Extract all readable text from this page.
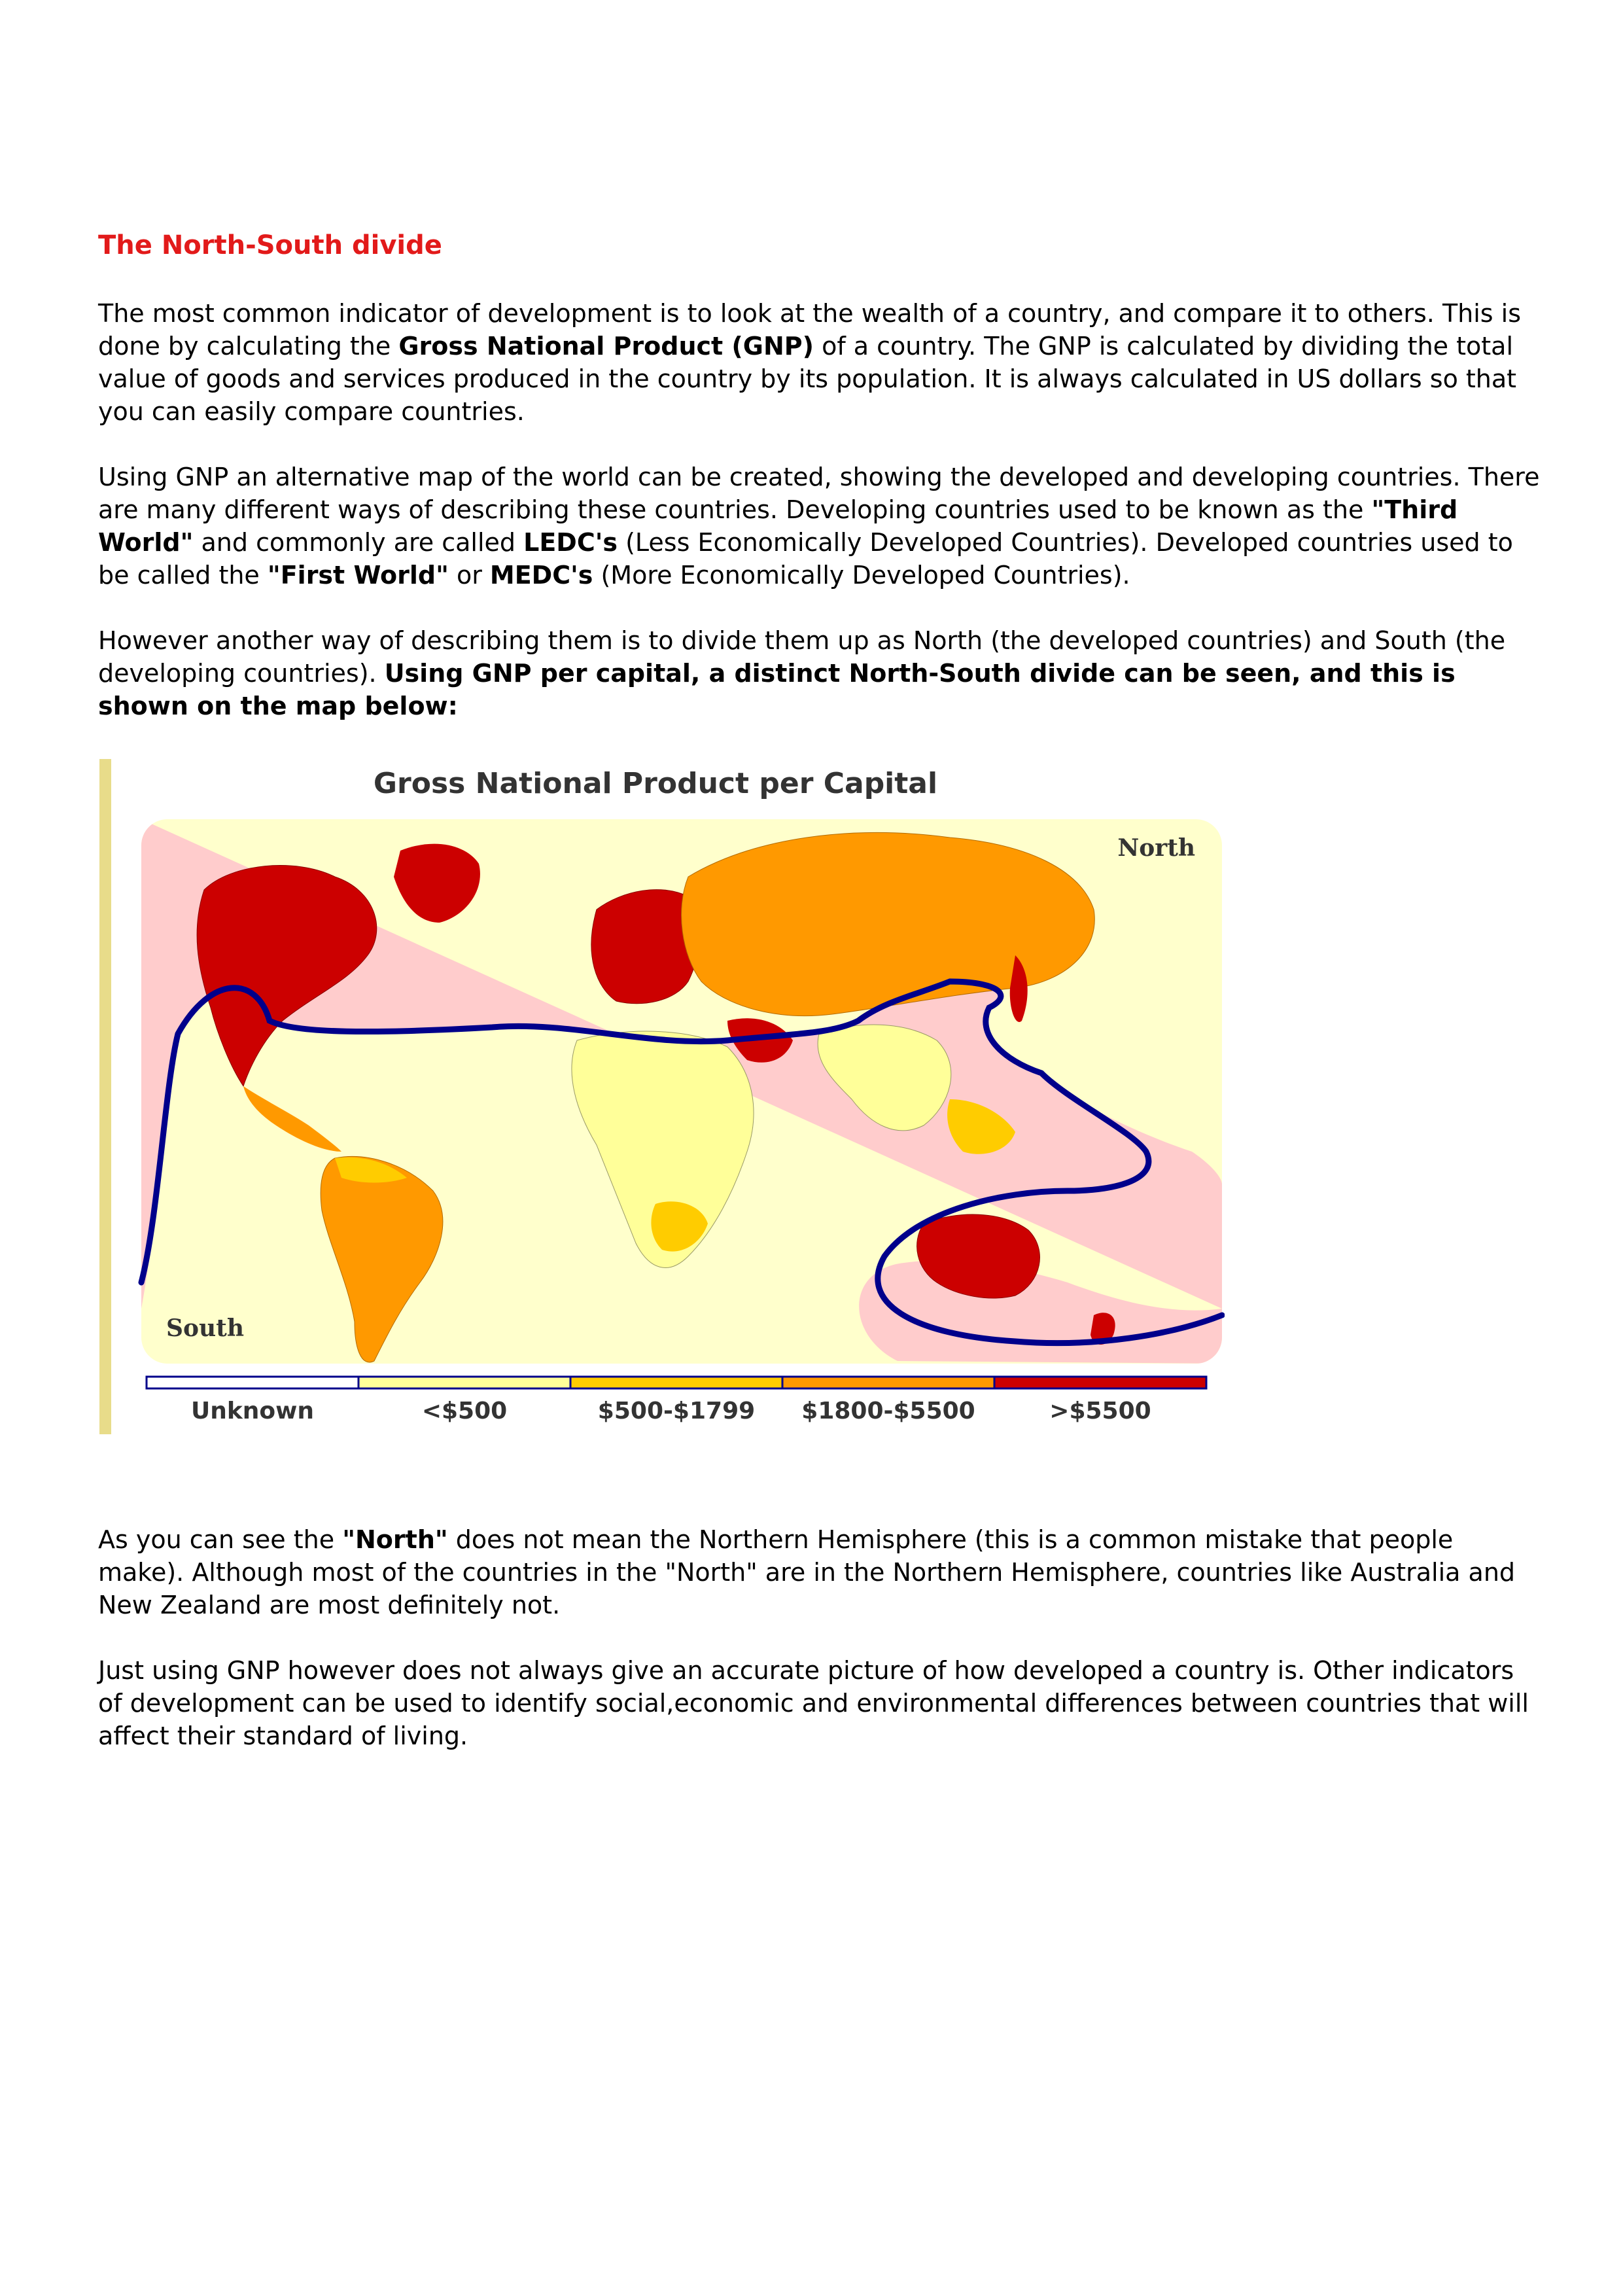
The North-South divide

The most common indicator of development is to look at the wealth of a country, and compare it to others. This is done by calculating the Gross National Product (GNP) of a country. The GNP is calculated by dividing the total value of goods and services produced in the country by its population. It is always calculated in US dollars so that you can easily compare countries.

Using GNP an alternative map of the world can be created, showing the developed and developing countries. There are many different ways of describing these countries. Developing countries used to be known as the "Third World" and commonly are called LEDC's (Less Economically Developed Countries). Developed countries used to be called the "First World" or MEDC's (More Economically Developed Countries).

However another way of describing them is to divide them up as North (the developed countries) and South (the developing countries). Using GNP per capital, a distinct North-South divide can be seen, and this is shown on the map below:

Gross National Product per Capital
North
South
Unknown	<$500	$500-$1799 $1800-$5500	>$5500

As you can see the "North" does not mean the Northern Hemisphere (this is a common mistake that people make). Although most of the countries in the "North" are in the Northern Hemisphere, countries like Australia and New Zealand are most definitely not.

Just using GNP however does not always give an accurate picture of how developed a country is. Other indicators of development can be used to identify social,economic and environmental differences between countries that will affect their standard of living.
